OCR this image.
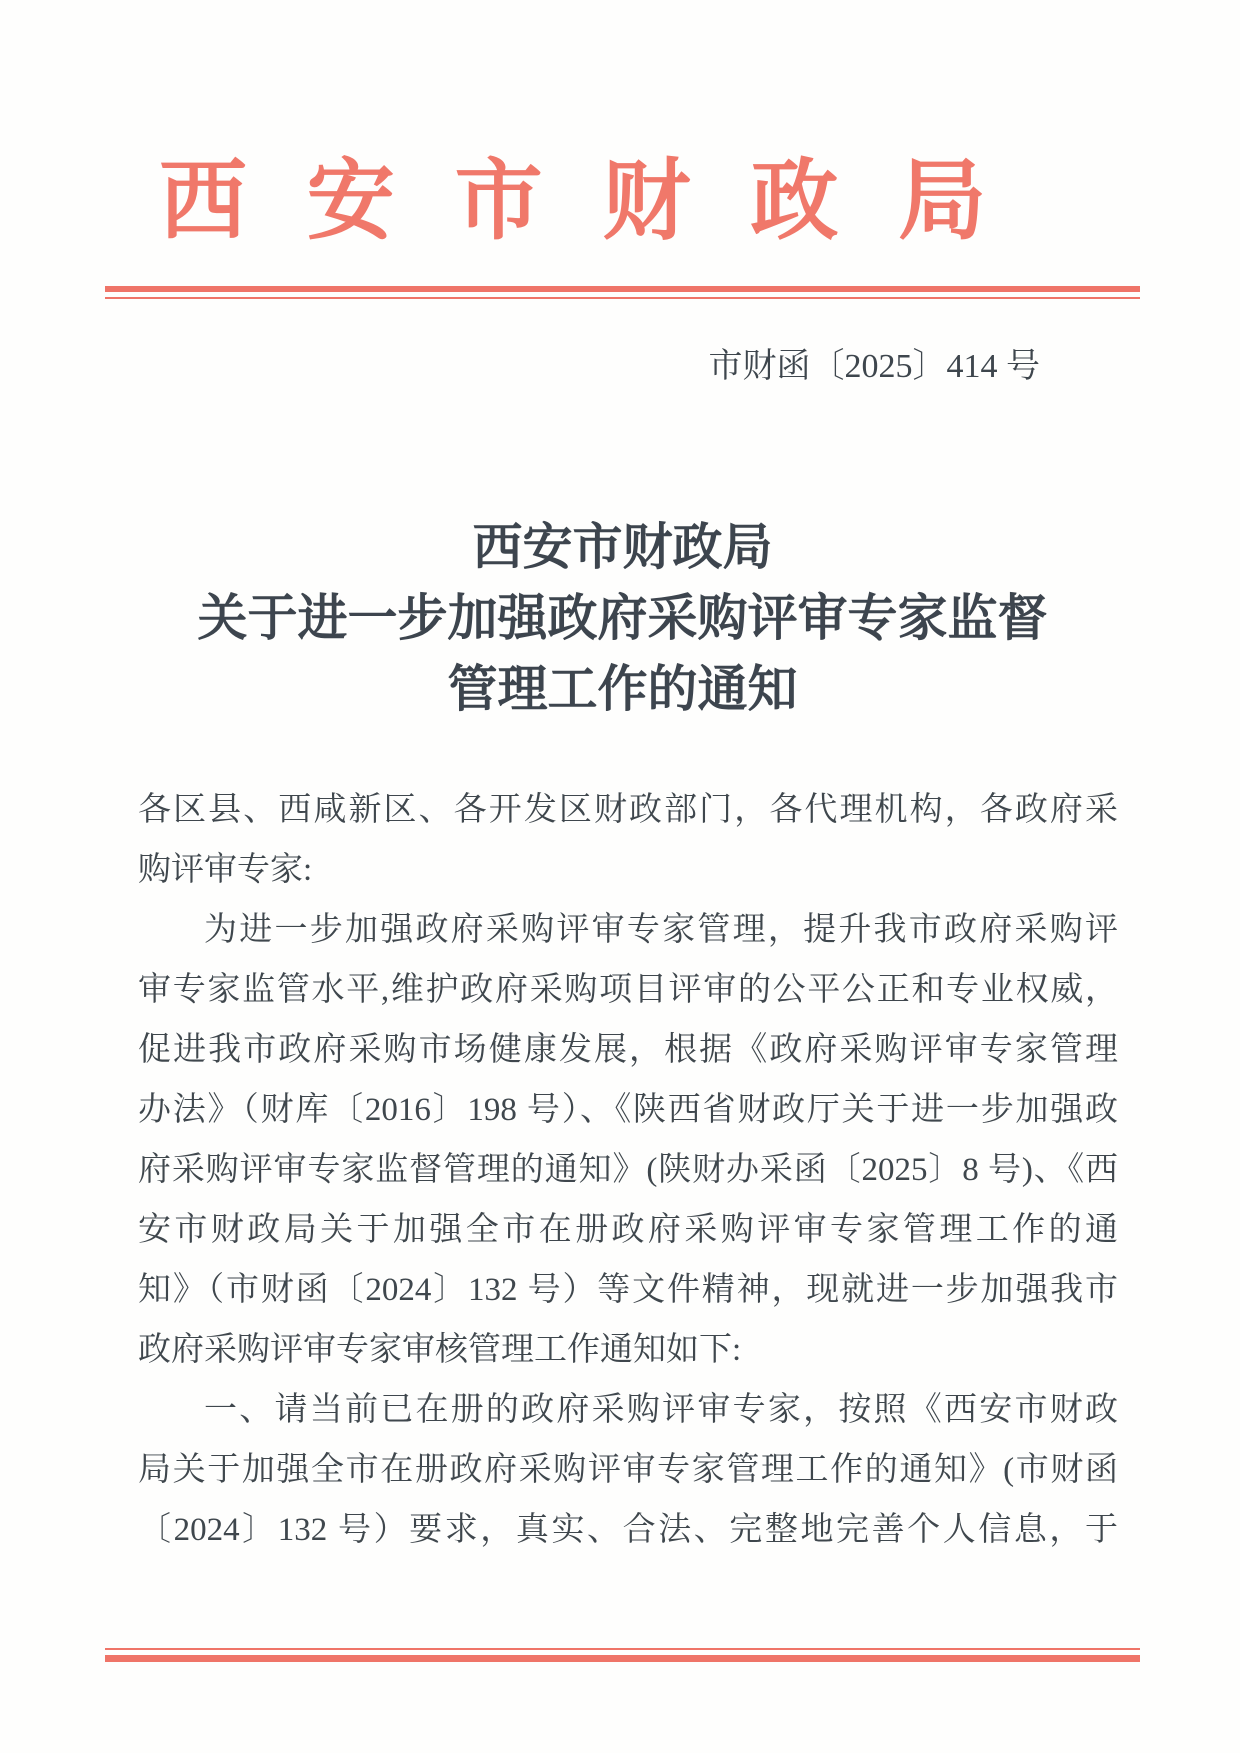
西安市财政局
市财函〔2025〕414 号
西安市财政局
关于进一步加强政府采购评审专家监督
管理工作的通知
各区县、西咸新区、各开发区财政部门，各代理机构，各政府采
购评审专家:
为进一步加强政府采购评审专家管理，提升我市政府采购评
审专家监管水平,维护政府采购项目评审的公平公正和专业权威，
促进我市政府采购市场健康发展，根据《政府采购评审专家管理
办法》（财库〔2016〕198 号）、《陕西省财政厅关于进一步加强政
府采购评审专家监督管理的通知》(陕财办采函〔2025〕8 号)、《西
安市财政局关于加强全市在册政府采购评审专家管理工作的通
知》（市财函〔2024〕132 号）等文件精神，现就进一步加强我市
政府采购评审专家审核管理工作通知如下:
一、请当前已在册的政府采购评审专家，按照《西安市财政
局关于加强全市在册政府采购评审专家管理工作的通知》(市财函
〔2024〕132 号）要求，真实、合法、完整地完善个人信息，于
